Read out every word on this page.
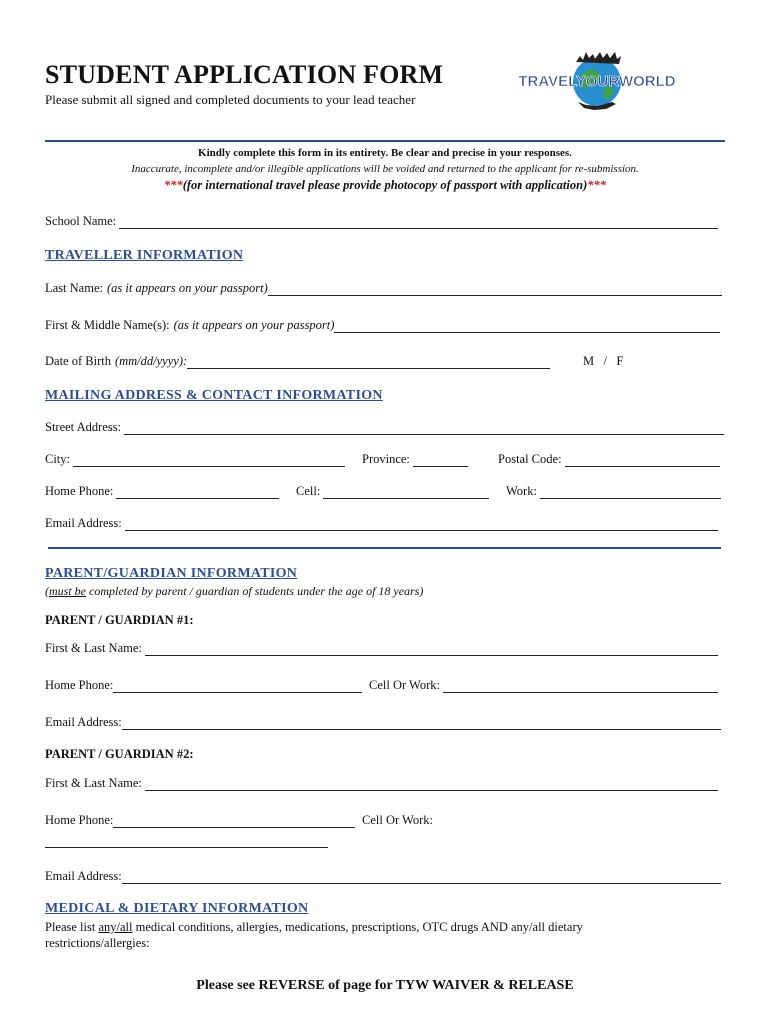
STUDENT APPLICATION FORM
Please submit all signed and completed documents to your lead teacher
TRAVELYOURWORLD
Kindly complete this form in its entirety. Be clear and precise in your responses.
Inaccurate, incomplete and/or illegible applications will be voided and returned to the applicant for re-submission.
***(for international travel please provide photocopy of passport with application)***
School Name:
TRAVELLER INFORMATION
Last Name: (as it appears on your passport)
First & Middle Name(s): (as it appears on your passport)
Date of Birth (mm/dd/yyyy):	M   /   F
MAILING ADDRESS & CONTACT INFORMATION
Street Address:
City:	Province:	Postal Code:
Home Phone:	Cell:	Work:
Email Address:
PARENT/GUARDIAN INFORMATION
(must be completed by parent / guardian of students under the age of 18 years)
PARENT / GUARDIAN #1:
First & Last Name:
Home Phone:	Cell Or Work:
Email Address:
PARENT / GUARDIAN #2:
First & Last Name:
Home Phone:	Cell Or Work:
Email Address:
MEDICAL & DIETARY INFORMATION
Please list any/all medical conditions, allergies, medications, prescriptions, OTC drugs AND any/all dietary restrictions/allergies:
Please see REVERSE of page for TYW WAIVER & RELEASE
